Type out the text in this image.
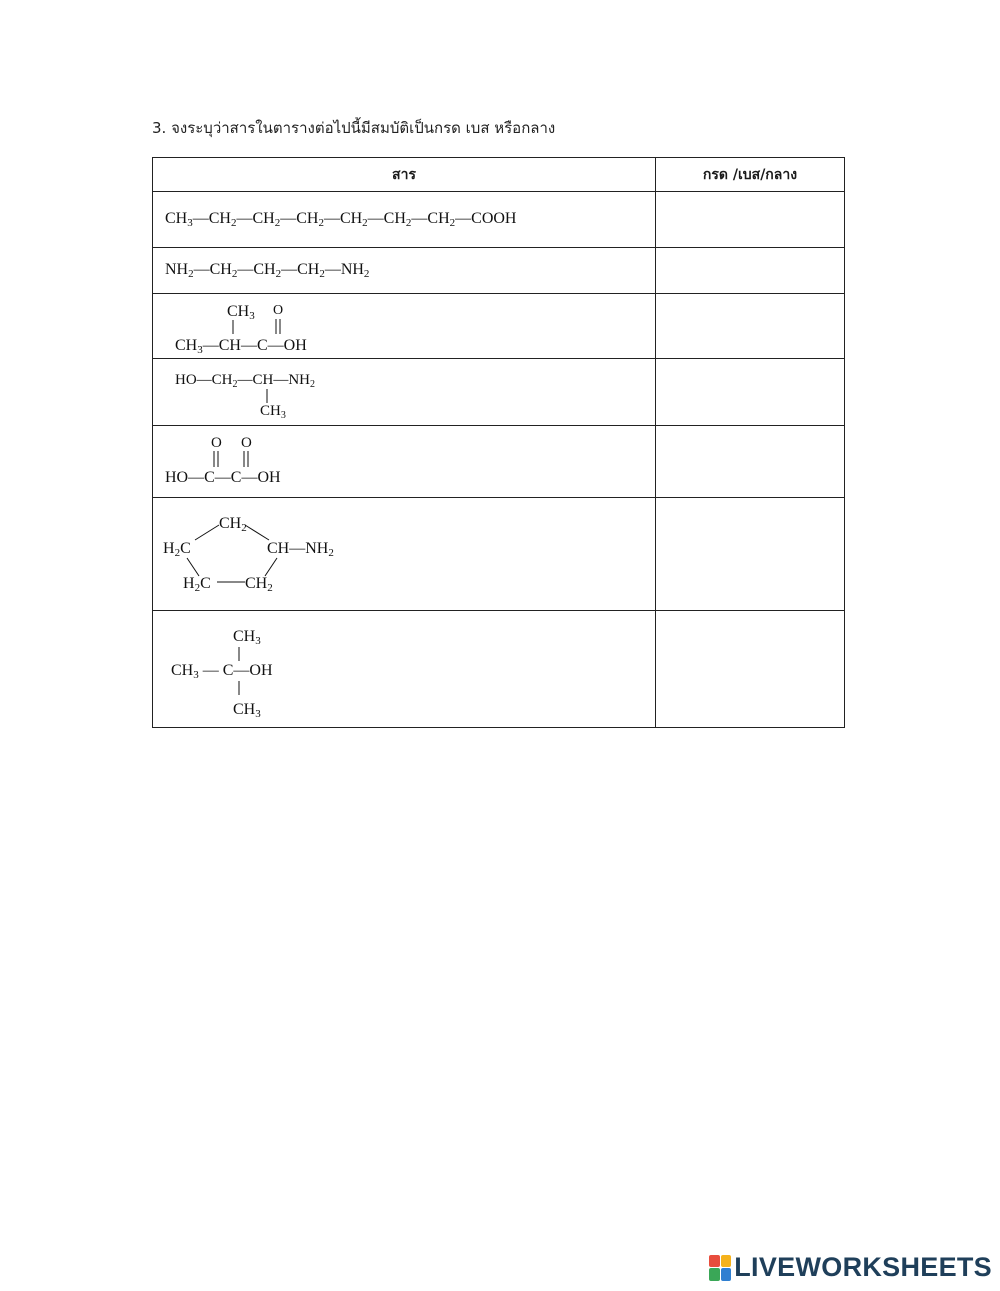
3. จงระบุว่าสารในตารางต่อไปนี้มีสมบัติเป็นกรด เบส หรือกลาง
สาร	กรด /เบส/กลาง

$CH_3—CH_2—CH_2—CH_2—CH_2—CH_2—CH_2—COOH$	

$NH_2—CH_2—CH_2—CH_2—NH_2$

CH3 O
CH3—CH—C—OH	

$HO—CH_2—CH—NH_2$
$CH_3$

O O
HO—C—C—OH	

CH2
H2C CH—NH2
H2C CH2	

CH3
CH3 — C—OH
CH3	

LIVEWORKSHEETS
